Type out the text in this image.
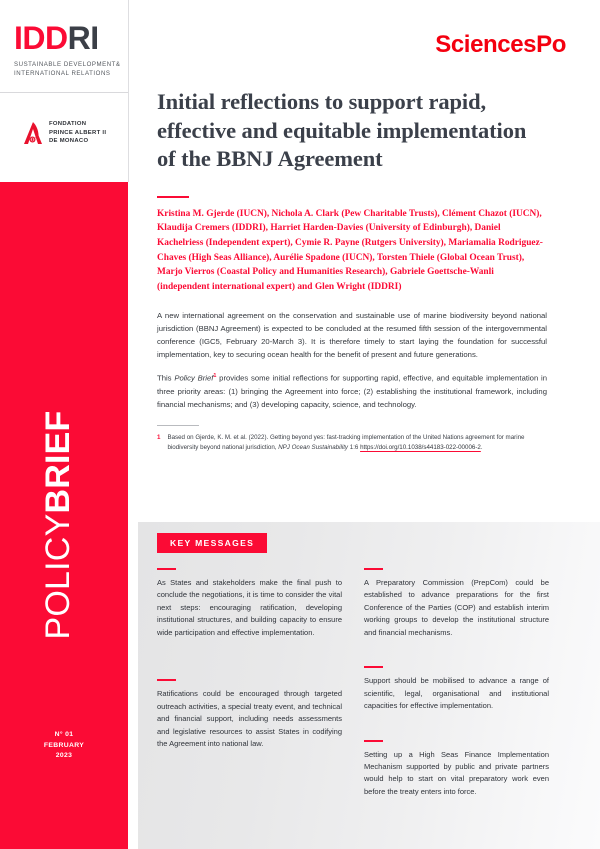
IDDRI
SUSTAINABLE DEVELOPMENT&
INTERNATIONAL RELATIONS
FONDATION
PRINCE ALBERT II
DE MONACO
SciencesPo
Initial reflections to support rapid, effective and equitable implementation of the BBNJ Agreement
Kristina M. Gjerde (IUCN), Nichola A. Clark (Pew Charitable Trusts), Clément Chazot (IUCN), Klaudija Cremers (IDDRI), Harriet Harden-Davies (University of Edinburgh), Daniel Kachelriess (Independent expert), Cymie R. Payne (Rutgers University), Mariamalia Rodriguez-Chaves (High Seas Alliance), Aurélie Spadone (IUCN), Torsten Thiele (Global Ocean Trust), Marjo Vierros (Coastal Policy and Humanities Research), Gabriele Goettsche-Wanli (independent international expert) and Glen Wright (IDDRI)

A new international agreement on the conservation and sustainable use of marine biodiversity beyond national jurisdiction (BBNJ Agreement) is expected to be concluded at the resumed fifth session of the intergovernmental conference (IGC5, February 20-March 3). It is therefore timely to start laying the foundation for successful implementation, key to securing ocean health for the benefit of present and future generations.

This Policy Brief$^1$ provides some initial reflections for supporting rapid, effective, and equitable implementation in three priority areas: (1) bringing the Agreement into force; (2) establishing the institutional framework, including financial mechanisms; and (3) developing capacity, science, and technology.

1 Based on Gjerde, K. M. et al. (2022). Getting beyond yes: fast-tracking implementation of the United Nations agreement for marine biodiversity beyond national jurisdiction, NPJ Ocean Sustainability 1:6 https://doi.org/10.1038/s44183-022-00006-2.
POLICYBRIEF
N° 01
FEBRUARY
2023
KEY MESSAGES
As States and stakeholders make the final push to conclude the negotiations, it is time to consider the vital next steps: encouraging ratification, developing institutional structures, and building capacity to ensure wide participation and effective implementation.
Ratifications could be encouraged through targeted outreach activities, a special treaty event, and technical and financial support, including needs assessments and legislative resources to assist States in codifying the Agreement into national law.
A Preparatory Commission (PrepCom) could be established to advance preparations for the first Conference of the Parties (COP) and establish interim working groups to develop the institutional structure and financial mechanisms.
Support should be mobilised to advance a range of scientific, legal, organisational and institutional capacities for effective implementation.
Setting up a High Seas Finance Implementation Mechanism supported by public and private partners would help to start on vital preparatory work even before the treaty enters into force.
